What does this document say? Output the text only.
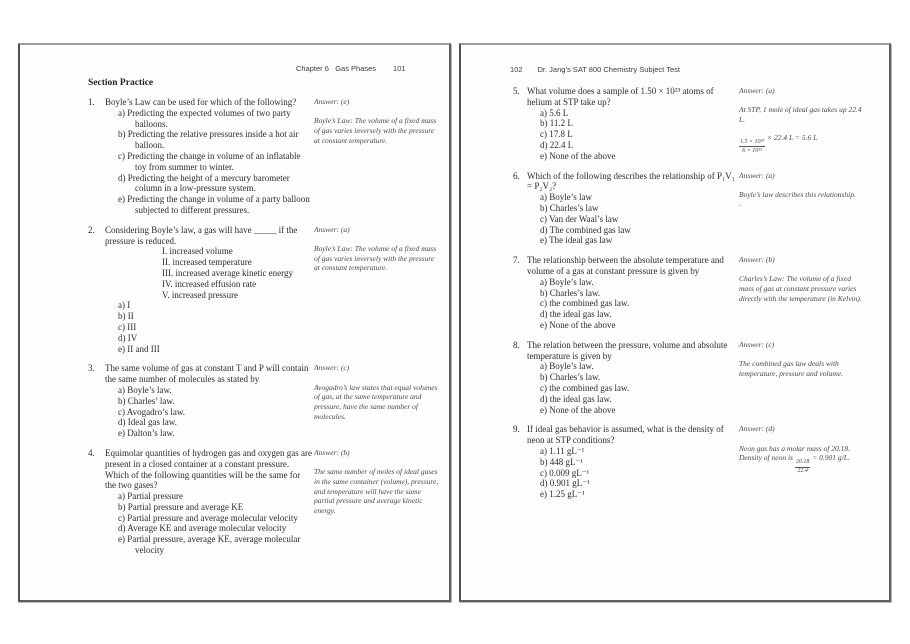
Chapter 6   Gas Phases 101
Section Practice
1.	Boyle’s Law can be used for which of the following?
a) Predicting the expected volumes of two party balloons.
b) Predicting the relative pressures inside a hot air balloon.
c) Predicting the change in volume of an inflatable toy from summer to winter.
d) Predicting the height of a mercury barometer column in a low-pressure system.
e) Predicting the change in volume of a party balloon subjected to different pressures.
Answer: (e)
Boyle’s Law: The volume of a fixed mass of gas varies inversely with the pressure at constant temperature.
2.	Considering Boyle’s law, a gas will have _____ if the pressure is reduced.
I. increased volume
II. increased temperature
III. increased average kinetic energy
IV. increased effusion rate
V. increased pressure
a) I
b) II
c) III
d) IV
e) II and III
Answer: (a)
Boyle’s Law: The volume of a fixed mass of gas varies inversely with the pressure at constant temperature.
3.	The same volume of gas at constant T and P will contain the same number of molecules as stated by
a) Boyle’s law.
b) Charles’ law.
c) Avogadro’s law.
d) Ideal gas law.
e) Dalton’s law.
Answer: (c)
Avogadro’s law states that equal volumes of gas, at the same temperature and pressure, have the same number of molecules.
4.	Equimolar quantities of hydrogen gas and oxygen gas are present in a closed container at a constant pressure. Which of the following quantities will be the same for the two gases?
a) Partial pressure
b) Partial pressure and average KE
c) Partial pressure and average molecular velocity
d) Average KE and average molecular velocity
e) Partial pressure, average KE, average molecular velocity
Answer: (b)
The same number of moles of ideal gases in the same container (volume), pressure, and temperature will have the same partial pressure and average kinetic energy.
102 Dr. Jang’s SAT 800 Chemistry Subject Test
5. What volume does a sample of 1.50 × 10²³ atoms of helium at STP take up?
a) 5.6 L
b) 11.2 L
c) 17.8 L
d) 22.4 L
e) None of the above
Answer: (a)
At STP, 1 mole of ideal gas takes up 22.4 L.
$\frac{\text{1.5 × 10²³}}{\text{6 × 10²³}}$
× 22.4 L = 5.6 L
6. Which of the following describes the relationship of P₁V₁ = P₂V₂?
a) Boyle’s law
b) Charles’s law
c) Van der Waal’s law
d) The combined gas law
e) The ideal gas law
Answer: (a)
Boyle’s law describes this relationship.
.
7. The relationship between the absolute temperature and volume of a gas at constant pressure is given by
a) Boyle’s law.
b) Charles’s law.
c) the combined gas law.
d) the ideal gas law.
e) None of the above
Answer: (b)
Charles’s Law: The volume of a fixed mass of gas at constant pressure varies directly with the temperature (in Kelvin).
8. The relation between the pressure, volume and absolute temperature is given by
a) Boyle’s law.
b) Charles’s law.
c) the combined gas law.
d) the ideal gas law.
e) None of the above
Answer: (c)
The combined gas law deals with temperature, pressure and volume.
9. If ideal gas behavior is assumed, what is the density of neon at STP conditions?
a) 1.11 gL⁻¹
b) 448 gL⁻¹
c) 0.009 gL⁻¹
d) 0.901 gL⁻¹
e) 1.25 gL⁻¹
Answer: (d)
Neon gas has a molar mass of 20.18.
Density of neon is
$\frac{20.18}{22.4}$
= 0.901 g/L.
